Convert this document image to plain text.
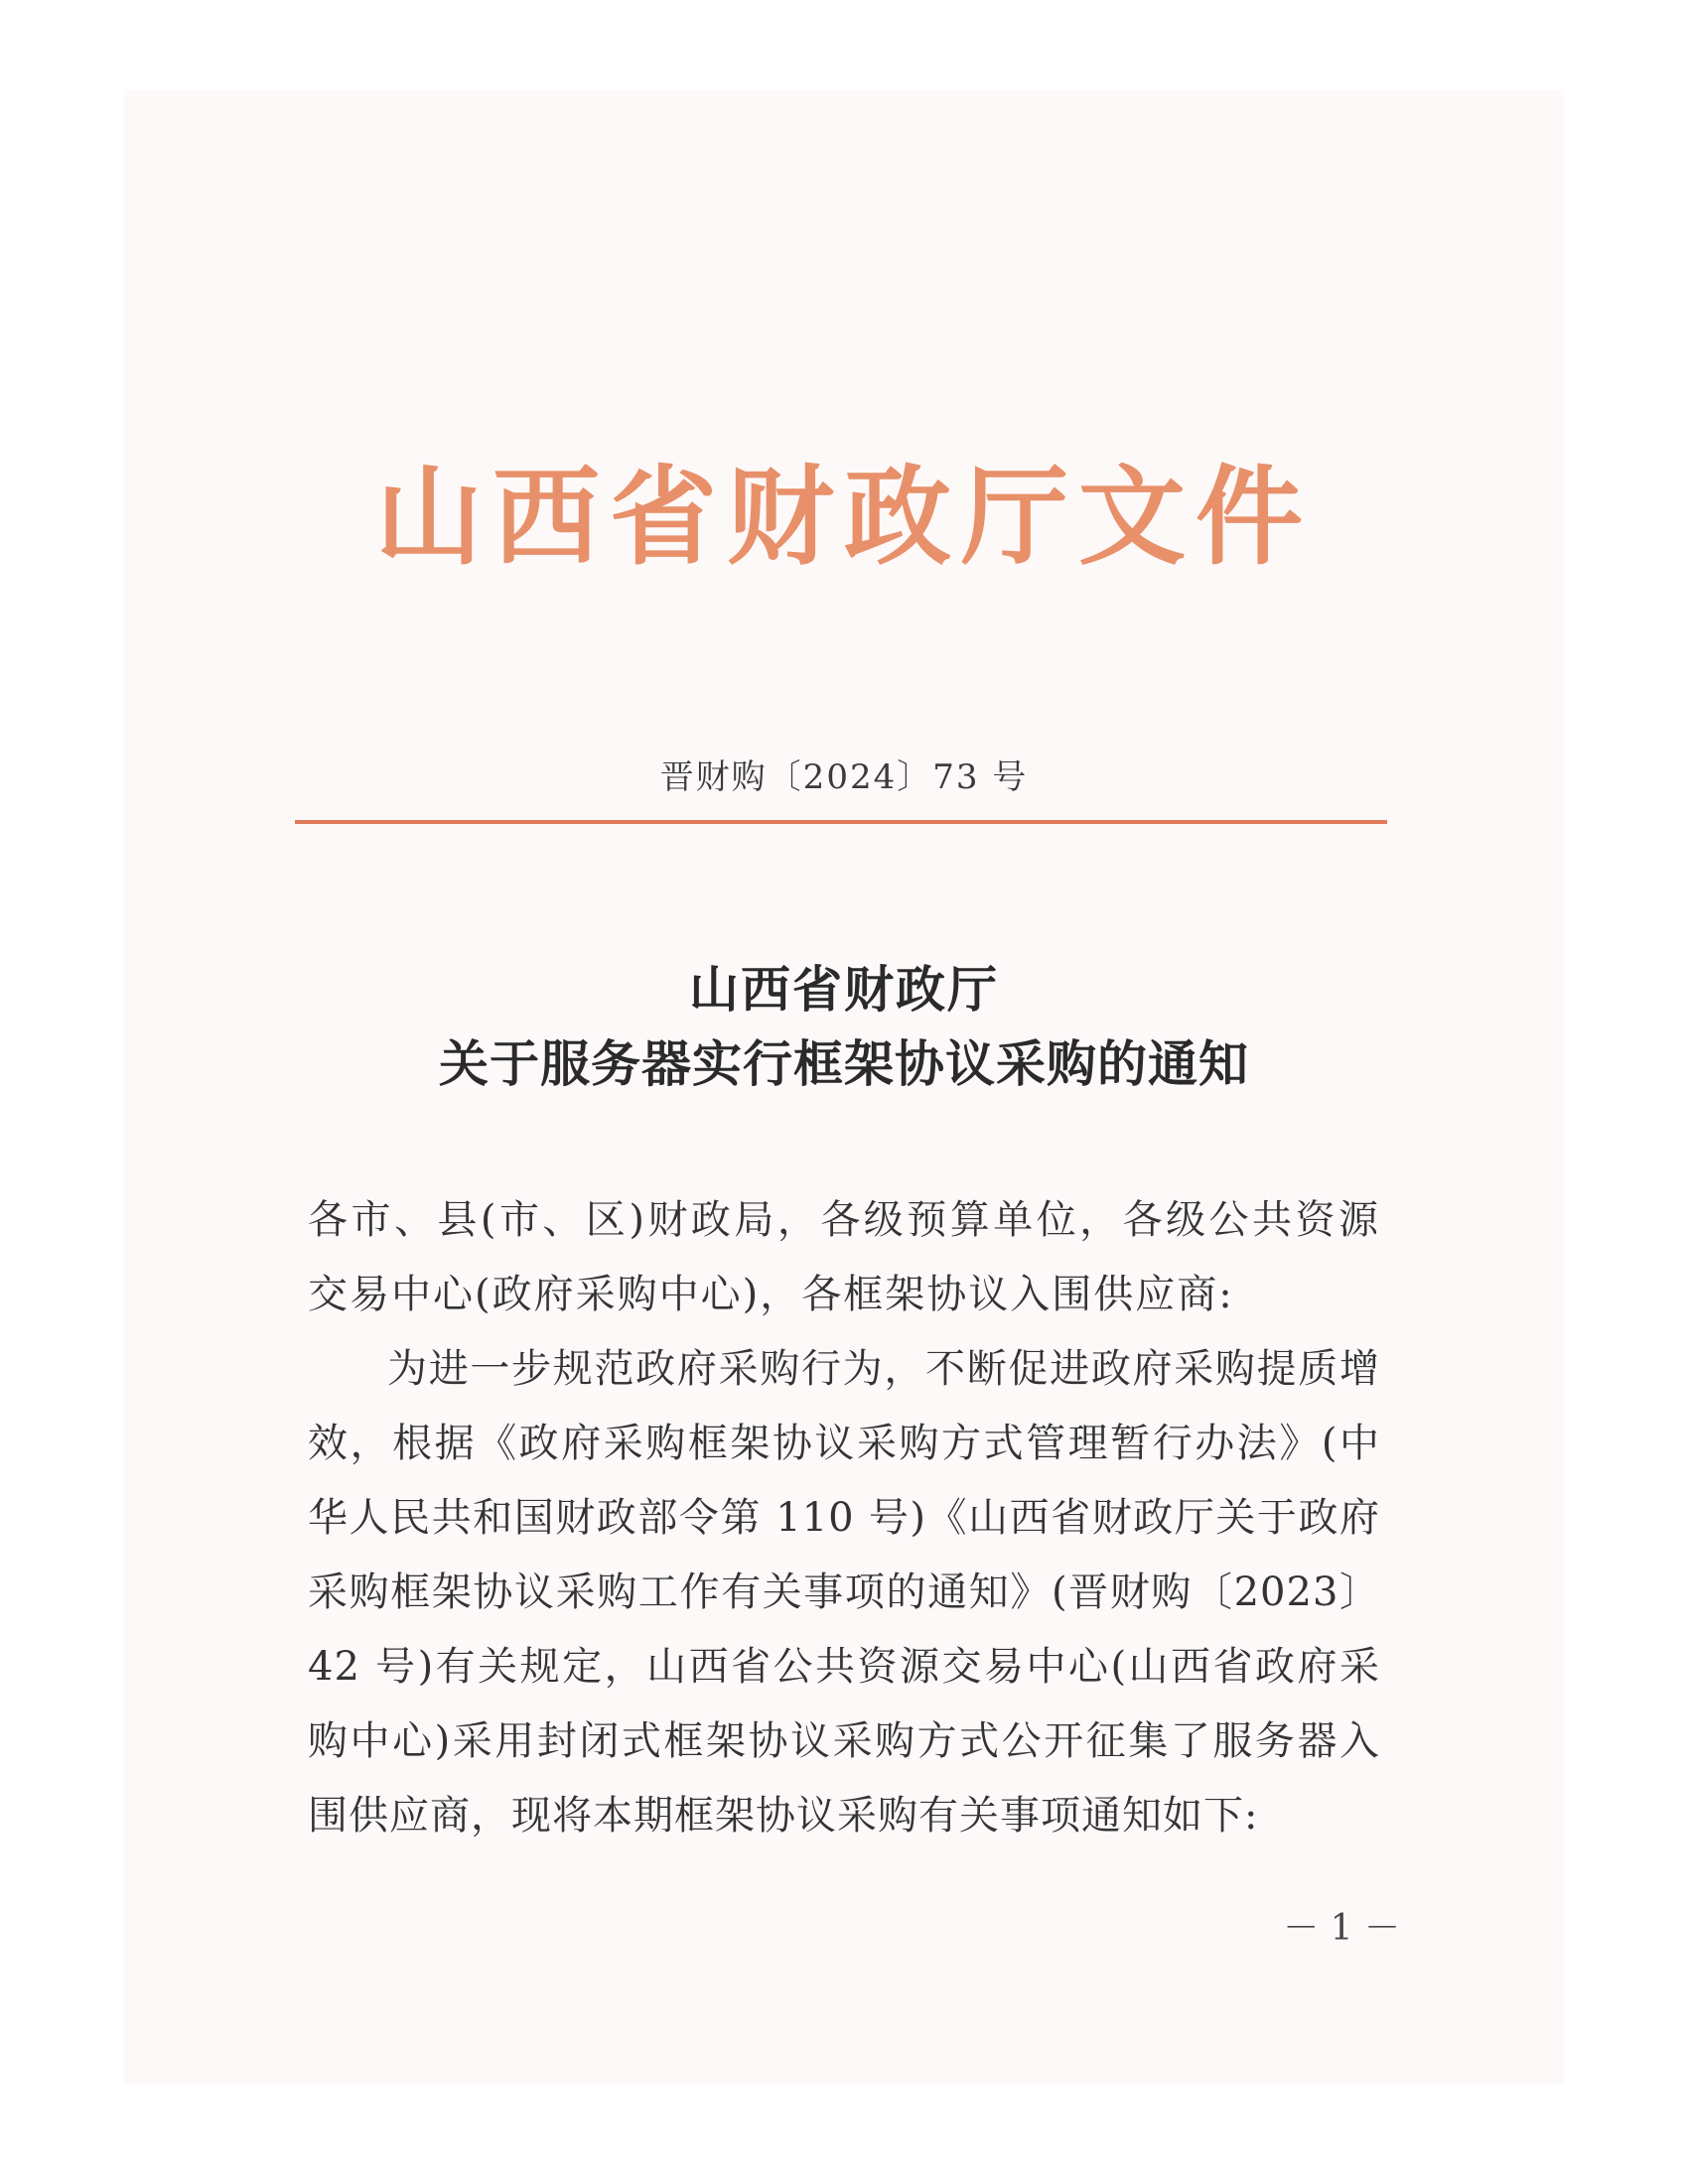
山西省财政厅文件
晋财购〔2024〕73 号
山西省财政厅
关于服务器实行框架协议采购的通知
各市、县(市、区)财政局，各级预算单位，各级公共资源交易中心(政府采购中心)，各框架协议入围供应商:
为进一步规范政府采购行为，不断促进政府采购提质增效，根据《政府采购框架协议采购方式管理暂行办法》(中华人民共和国财政部令第 110 号)《山西省财政厅关于政府采购框架协议采购工作有关事项的通知》(晋财购〔2023〕42 号)有关规定，山西省公共资源交易中心(山西省政府采购中心)采用封闭式框架协议采购方式公开征集了服务器入围供应商，现将本期框架协议采购有关事项通知如下:
－ 1 －
